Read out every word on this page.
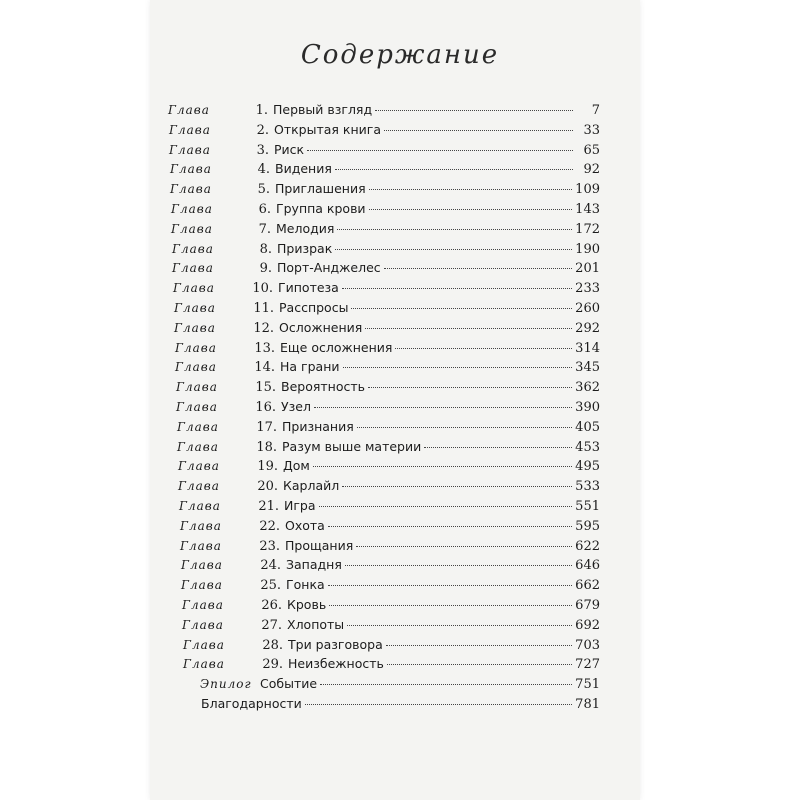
Содержание
Глава	1. Первый взгляд	7
Глава	2. Открытая книга	33
Глава	3. Риск	65
Глава	4. Видения	92
Глава	5. Приглашения	109
Глава	6. Группа крови	143
Глава	7. Мелодия	172
Глава	8. Призрак	190
Глава	9. Порт-Анджелес	201
Глава	10. Гипотеза	233
Глава	11. Расспросы	260
Глава	12. Осложнения	292
Глава	13. Еще осложнения	314
Глава	14. На грани	345
Глава	15. Вероятность	362
Глава	16. Узел	390
Глава	17. Признания	405
Глава	18. Разум выше материи	453
Глава	19. Дом	495
Глава	20. Карлайл	533
Глава	21. Игра	551
Глава	22. Охота	595
Глава	23. Прощания	622
Глава	24. Западня	646
Глава	25. Гонка	662
Глава	26. Кровь	679
Глава	27. Хлопоты	692
Глава	28. Три разговора	703
Глава	29. Неизбежность	727
Эпилог Событие	751
Благодарности	781
